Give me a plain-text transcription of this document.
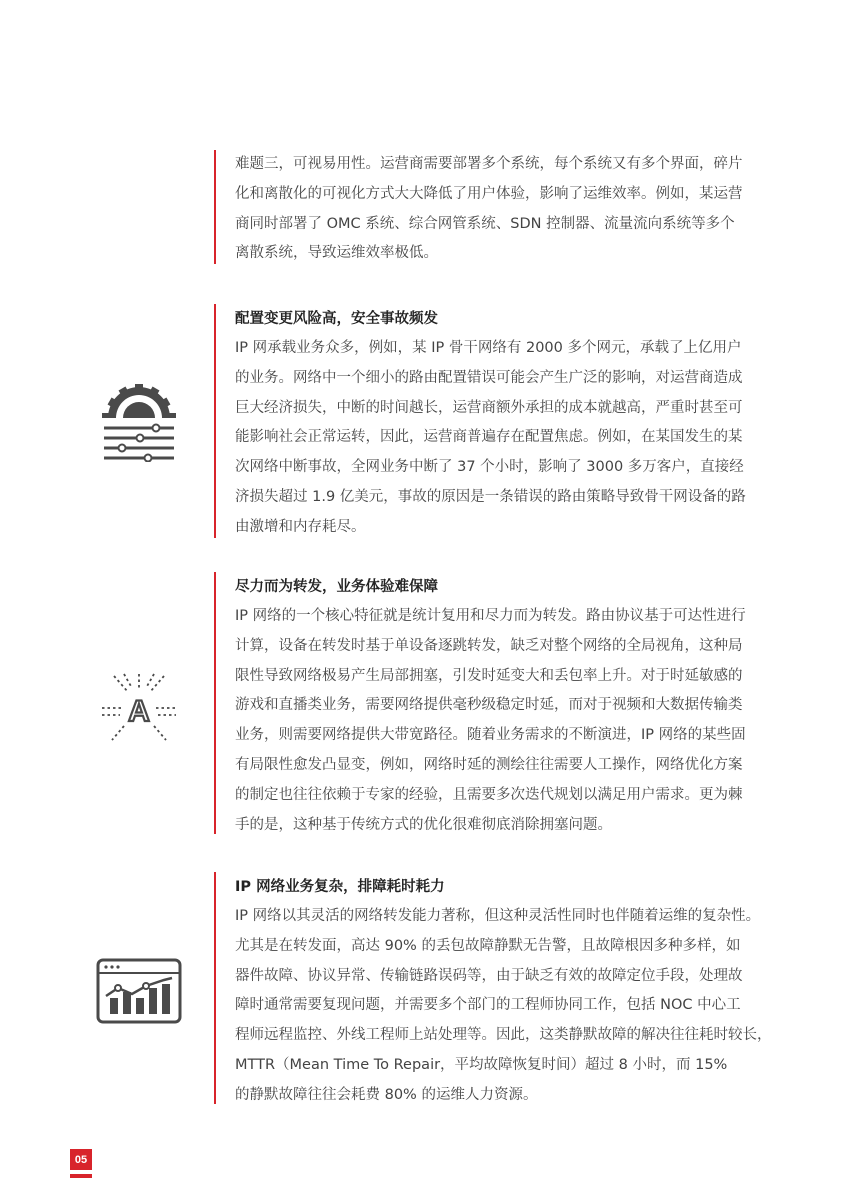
难题三，可视易用性。运营商需要部署多个系统，每个系统又有多个界面，碎片
化和离散化的可视化方式大大降低了用户体验，影响了运维效率。例如，某运营
商同时部署了 OMC 系统、综合网管系统、SDN 控制器、流量流向系统等多个
离散系统，导致运维效率极低。

配置变更风险高，安全事故频发

IP 网承载业务众多，例如，某 IP 骨干网络有 2000 多个网元，承载了上亿用户
的业务。网络中一个细小的路由配置错误可能会产生广泛的影响，对运营商造成
巨大经济损失，中断的时间越长，运营商额外承担的成本就越高，严重时甚至可
能影响社会正常运转，因此，运营商普遍存在配置焦虑。例如，在某国发生的某
次网络中断事故，全网业务中断了 37 个小时，影响了 3000 多万客户，直接经
济损失超过 1.9 亿美元，事故的原因是一条错误的路由策略导致骨干网设备的路
由激增和内存耗尽。

尽力而为转发，业务体验难保障

IP 网络的一个核心特征就是统计复用和尽力而为转发。路由协议基于可达性进行
计算，设备在转发时基于单设备逐跳转发，缺乏对整个网络的全局视角，这种局
限性导致网络极易产生局部拥塞，引发时延变大和丢包率上升。对于时延敏感的
游戏和直播类业务，需要网络提供毫秒级稳定时延，而对于视频和大数据传输类
业务，则需要网络提供大带宽路径。随着业务需求的不断演进，IP 网络的某些固
有局限性愈发凸显变，例如，网络时延的测绘往往需要人工操作，网络优化方案
的制定也往往依赖于专家的经验，且需要多次迭代规划以满足用户需求。更为棘
手的是，这种基于传统方式的优化很难彻底消除拥塞问题。

A
IP 网络业务复杂，排障耗时耗力

IP 网络以其灵活的网络转发能力著称，但这种灵活性同时也伴随着运维的复杂性。
尤其是在转发面，高达 90% 的丢包故障静默无告警，且故障根因多种多样，如
器件故障、协议异常、传输链路误码等，由于缺乏有效的故障定位手段，处理故
障时通常需要复现问题，并需要多个部门的工程师协同工作，包括 NOC 中心工
程师远程监控、外线工程师上站处理等。因此，这类静默故障的解决往往耗时较长，
MTTR（Mean Time To Repair，平均故障恢复时间）超过 8 小时，而 15%
的静默故障往往会耗费 80% 的运维人力资源。

05
